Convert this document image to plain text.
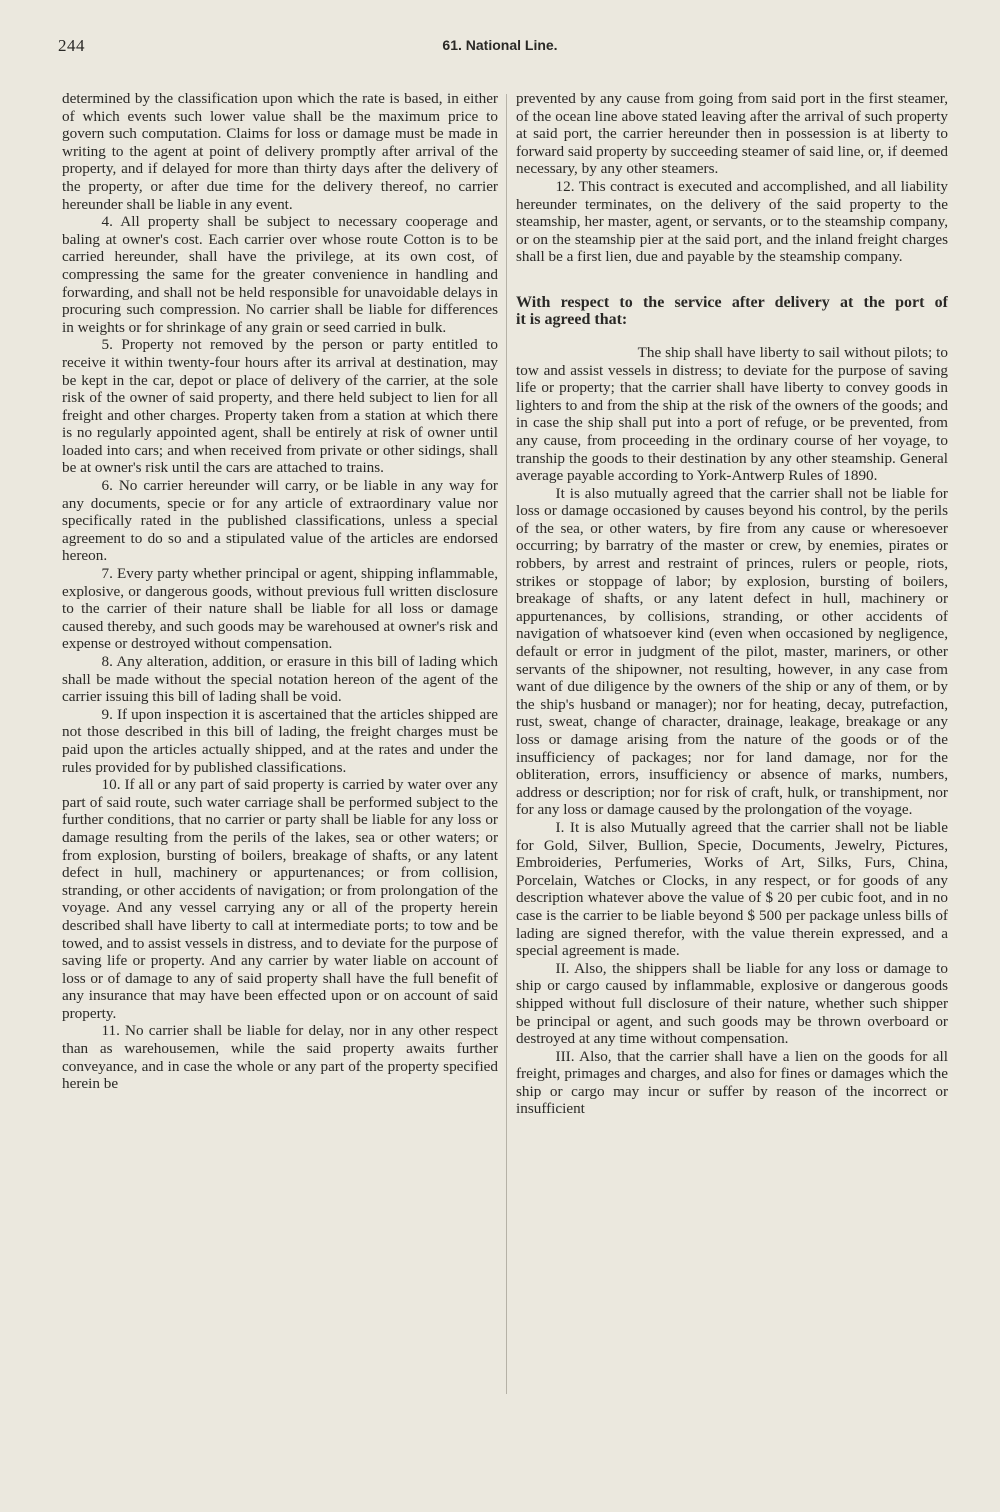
244	61. National Line.

determined by the classification upon which the rate is based, in either of which events such lower value shall be the maximum price to govern such computation. Claims for loss or damage must be made in writing to the agent at point of delivery promptly after arrival of the property, and if delayed for more than thirty days after the delivery of the property, or after due time for the delivery thereof, no carrier hereunder shall be liable in any event.

4. All property shall be subject to necessary cooperage and baling at owner's cost. Each carrier over whose route Cotton is to be carried hereunder, shall have the privilege, at its own cost, of compressing the same for the greater convenience in handling and forwarding, and shall not be held responsible for unavoidable delays in procuring such compression. No carrier shall be liable for differences in weights or for shrinkage of any grain or seed carried in bulk.

5. Property not removed by the person or party entitled to receive it within twenty-four hours after its arrival at destination, may be kept in the car, depot or place of delivery of the carrier, at the sole risk of the owner of said property, and there held subject to lien for all freight and other charges. Property taken from a station at which there is no regularly appointed agent, shall be entirely at risk of owner until loaded into cars; and when received from private or other sidings, shall be at owner's risk until the cars are attached to trains.

6. No carrier hereunder will carry, or be liable in any way for any documents, specie or for any article of extraordinary value nor specifically rated in the published classifications, unless a special agreement to do so and a stipulated value of the articles are endorsed hereon.

7. Every party whether principal or agent, shipping inflammable, explosive, or dangerous goods, without previous full written disclosure to the carrier of their nature shall be liable for all loss or damage caused thereby, and such goods may be warehoused at owner's risk and expense or destroyed without compensation.

8. Any alteration, addition, or erasure in this bill of lading which shall be made without the special notation hereon of the agent of the carrier issuing this bill of lading shall be void.

9. If upon inspection it is ascertained that the articles shipped are not those described in this bill of lading, the freight charges must be paid upon the articles actually shipped, and at the rates and under the rules provided for by published classifications.

10. If all or any part of said property is carried by water over any part of said route, such water carriage shall be performed subject to the further conditions, that no carrier or party shall be liable for any loss or damage resulting from the perils of the lakes, sea or other waters; or from explosion, bursting of boilers, breakage of shafts, or any latent defect in hull, machinery or appurtenances; or from collision, stranding, or other accidents of navigation; or from prolongation of the voyage. And any vessel carrying any or all of the property herein described shall have liberty to call at intermediate ports; to tow and be towed, and to assist vessels in distress, and to deviate for the purpose of saving life or property. And any carrier by water liable on account of loss or of damage to any of said property shall have the full benefit of any insurance that may have been effected upon or on account of said property.

11. No carrier shall be liable for delay, nor in any other respect than as warehousemen, while the said property awaits further conveyance, and in case the whole or any part of the property specified herein be

prevented by any cause from going from said port in the first steamer, of the ocean line above stated leaving after the arrival of such property at said port, the carrier hereunder then in possession is at liberty to forward said property by succeeding steamer of said line, or, if deemed necessary, by any other steamers.

12. This contract is executed and accomplished, and all liability hereunder terminates, on the delivery of the said property to the steamship, her master, agent, or servants, or to the steamship company, or on the steamship pier at the said port, and the inland freight charges shall be a first lien, due and payable by the steamship company.

With respect to the service after delivery at the port of                                    it is agreed that:

The ship shall have liberty to sail without pilots; to tow and assist vessels in distress; to deviate for the purpose of saving life or property; that the carrier shall have liberty to convey goods in lighters to and from the ship at the risk of the owners of the goods; and in case the ship shall put into a port of refuge, or be prevented, from any cause, from proceeding in the ordinary course of her voyage, to tranship the goods to their destination by any other steamship. General average payable according to York-Antwerp Rules of 1890.

It is also mutually agreed that the carrier shall not be liable for loss or damage occasioned by causes beyond his control, by the perils of the sea, or other waters, by fire from any cause or wheresoever occurring; by barratry of the master or crew, by enemies, pirates or robbers, by arrest and restraint of princes, rulers or people, riots, strikes or stoppage of labor; by explosion, bursting of boilers, breakage of shafts, or any latent defect in hull, machinery or appurtenances, by collisions, stranding, or other accidents of navigation of whatsoever kind (even when occasioned by negligence, default or error in judgment of the pilot, master, mariners, or other servants of the shipowner, not resulting, however, in any case from want of due diligence by the owners of the ship or any of them, or by the ship's husband or manager); nor for heating, decay, putrefaction, rust, sweat, change of character, drainage, leakage, breakage or any loss or damage arising from the nature of the goods or of the insufficiency of packages; nor for land damage, nor for the obliteration, errors, insufficiency or absence of marks, numbers, address or description; nor for risk of craft, hulk, or transhipment, nor for any loss or damage caused by the prolongation of the voyage.

I. It is also Mutually agreed that the carrier shall not be liable for Gold, Silver, Bullion, Specie, Documents, Jewelry, Pictures, Embroideries, Perfumeries, Works of Art, Silks, Furs, China, Porcelain, Watches or Clocks, in any respect, or for goods of any description whatever above the value of $ 20 per cubic foot, and in no case is the carrier to be liable beyond $ 500 per package unless bills of lading are signed therefor, with the value therein expressed, and a special agreement is made.

II. Also, the shippers shall be liable for any loss or damage to ship or cargo caused by inflammable, explosive or dangerous goods shipped without full disclosure of their nature, whether such shipper be principal or agent, and such goods may be thrown overboard or destroyed at any time without compensation.

III. Also, that the carrier shall have a lien on the goods for all freight, primages and charges, and also for fines or damages which the ship or cargo may incur or suffer by reason of the incorrect or insufficient
